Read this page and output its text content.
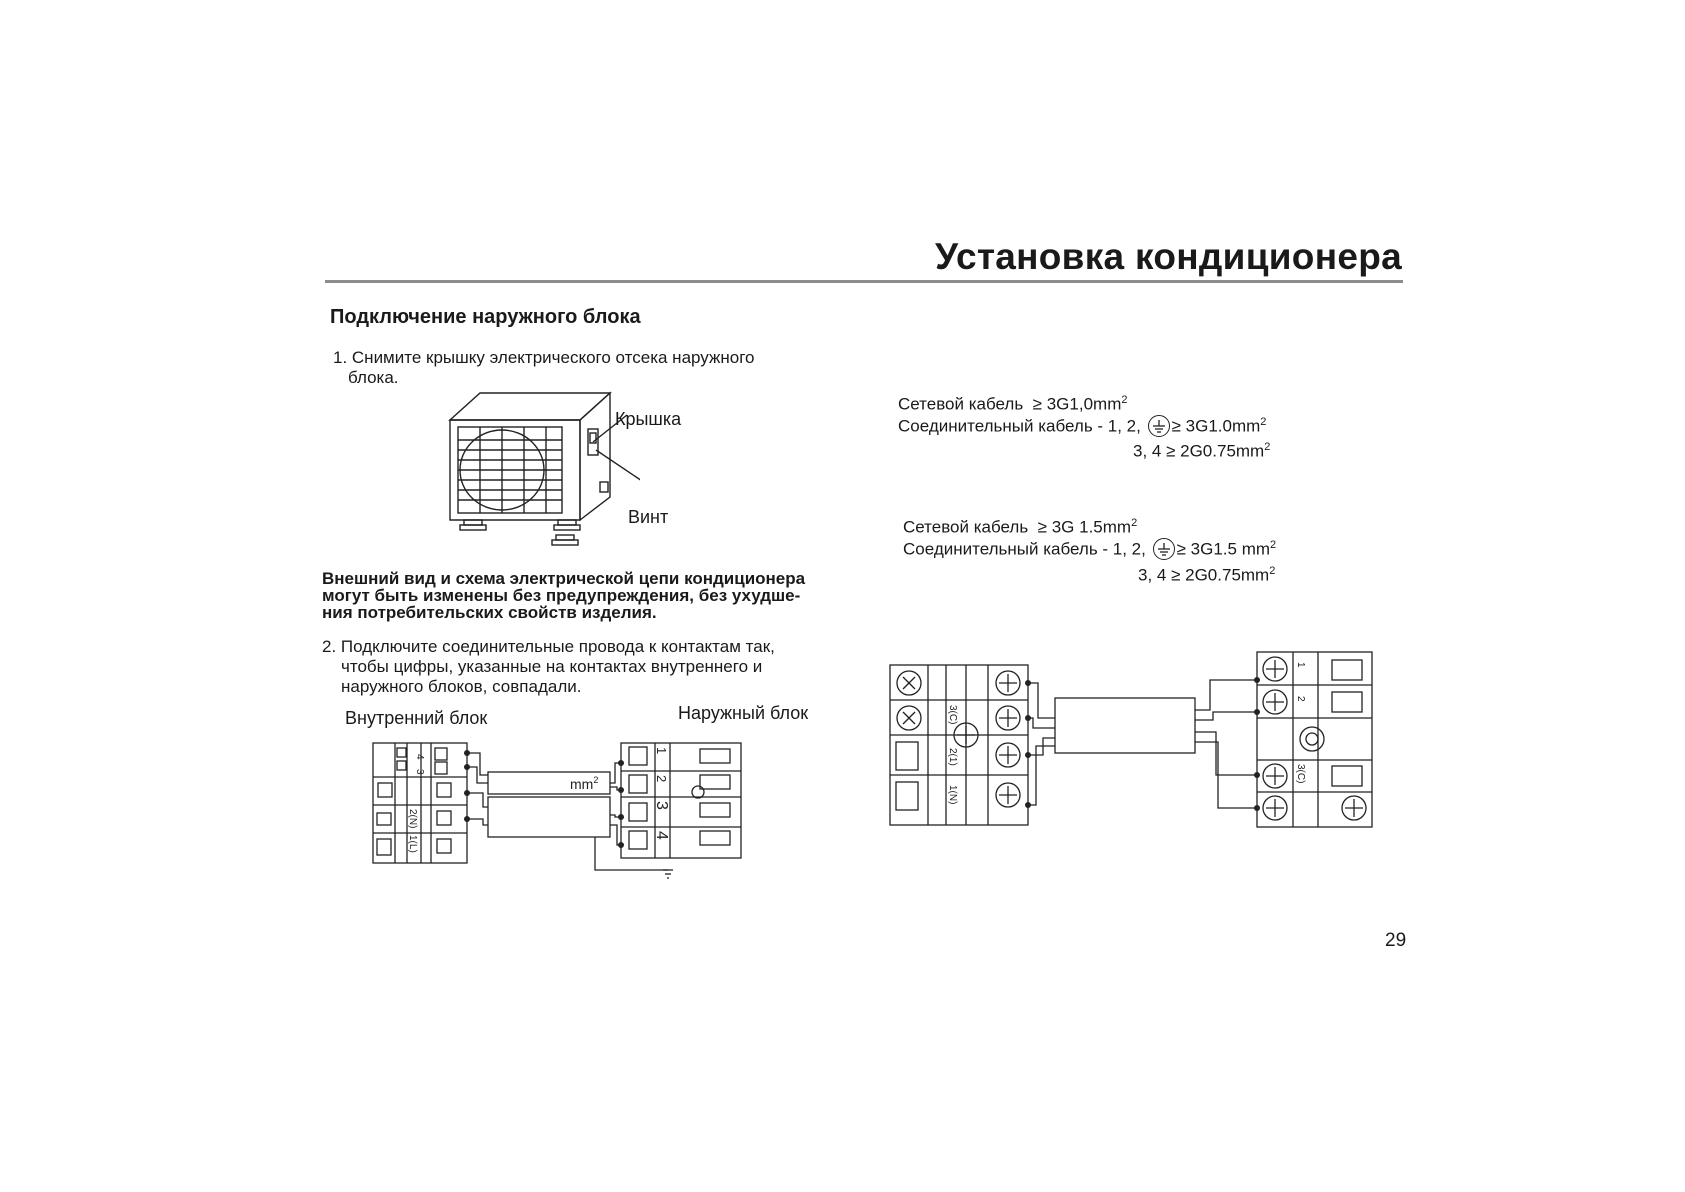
Установка кондиционера
Подключение наружного блока
1. Снимите крышку электрического отсека наружного
блока.
Крышка
Винт
Внешний вид и схема электрической цепи кондиционера
могут быть изменены без предупреждения, без ухудше-
ния потребительских свойств изделия.
2. Подключите соединительные провода к контактам так,
чтобы цифры, указанные на контактах внутреннего и
наружного блоков, совпадали.
Внутренний блок	Наружный блок
$mm^2$
4
3
2(N)
1(L)
1
2
3
4
Сетевой кабель ≥ $3G1,0mm^2$
Соединительный кабель - 1, 2, ≥ $3G1.0mm^2$
3, $4 \ge 2G0.75mm^2$
Сетевой кабель ≥ 3G $1.5mm^2$
Соединительный кабель - 1, 2, ≥ 3G1.5 $mm^2$
3, $4 \ge 2G0.75mm^2$
3(C)
2(1)
1(N)
1
2
3(C)
29
